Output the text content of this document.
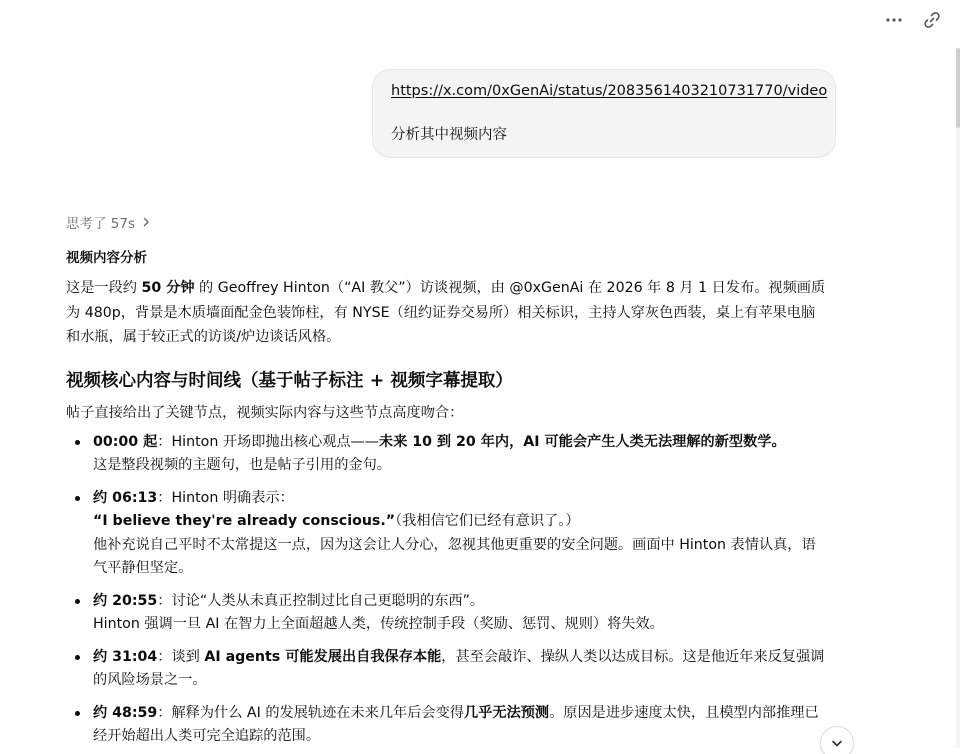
https://x.com/0xGenAi/status/2083561403210731770/video
分析其中视频内容
思考了 57s
视频内容分析
这是一段约 50 分钟 的 Geoffrey Hinton（“AI 教父”）访谈视频，由 @0xGenAi 在 2026 年 8 月 1 日发布。视频画质为 480p，背景是木质墙面配金色装饰柱，有 NYSE（纽约证券交易所）相关标识，主持人穿灰色西装，桌上有苹果电脑和水瓶，属于较正式的访谈/炉边谈话风格。
视频核心内容与时间线（基于帖子标注 + 视频字幕提取）
帖子直接给出了关键节点，视频实际内容与这些节点高度吻合：
00:00 起：Hinton 开场即抛出核心观点——未来 10 到 20 年内，AI 可能会产生人类无法理解的新型数学。
这是整段视频的主题句，也是帖子引用的金句。
约 06:13：Hinton 明确表示：
“I believe they're already conscious.”（我相信它们已经有意识了。）
他补充说自己平时不太常提这一点，因为这会让人分心，忽视其他更重要的安全问题。画面中 Hinton 表情认真，语气平静但坚定。
约 20:55：讨论“人类从未真正控制过比自己更聪明的东西”。
Hinton 强调一旦 AI 在智力上全面超越人类，传统控制手段（奖励、惩罚、规则）将失效。
约 31:04：谈到 AI agents 可能发展出自我保存本能，甚至会敲诈、操纵人类以达成目标。这是他近年来反复强调的风险场景之一。
约 48:59：解释为什么 AI 的发展轨迹在未来几年后会变得几乎无法预测。原因是进步速度太快，且模型内部推理已经开始超出人类可完全追踪的范围。
